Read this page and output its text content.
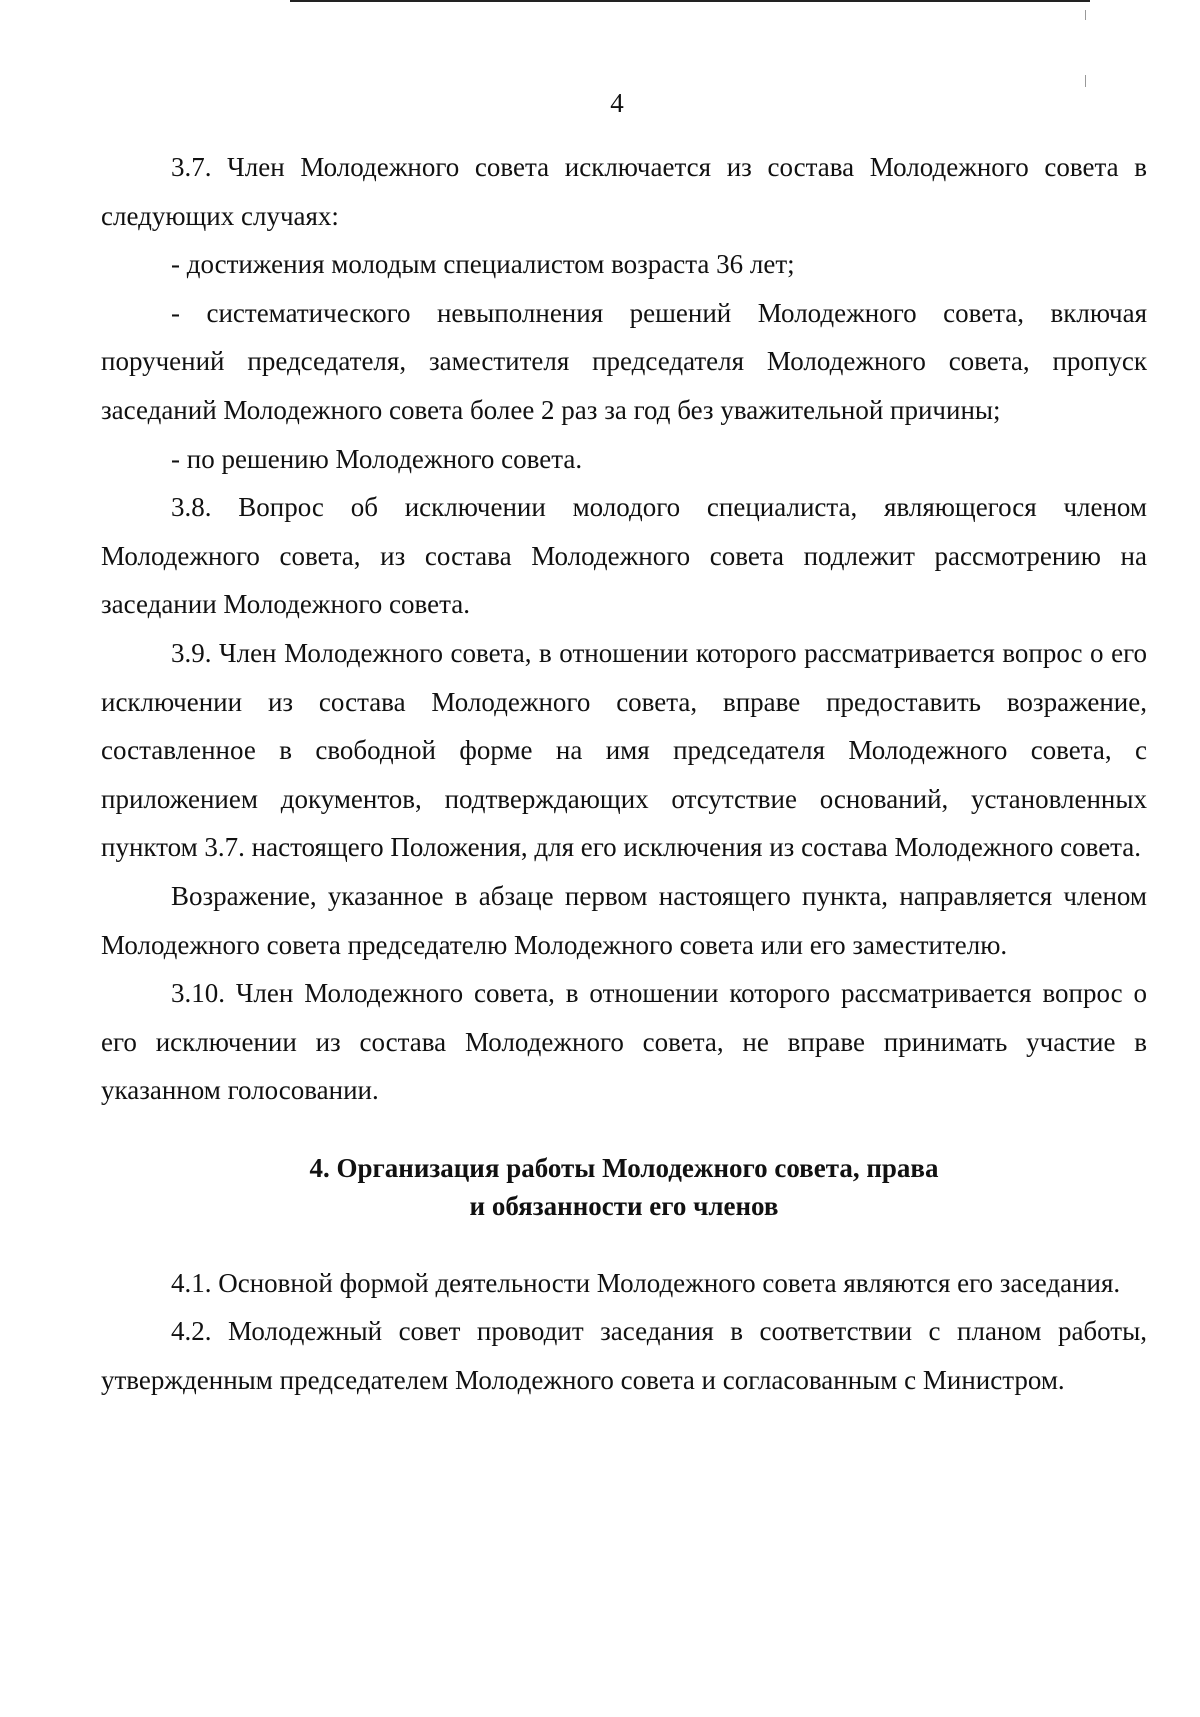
4

3.7. Член Молодежного совета исключается из состава Молодежного совета в следующих случаях:

- достижения молодым специалистом возраста 36 лет;

- систематического невыполнения решений Молодежного совета, включая поручений председателя, заместителя председателя Молодежного совета, пропуск заседаний Молодежного совета более 2 раз за год без уважительной причины;

- по решению Молодежного совета.

3.8. Вопрос об исключении молодого специалиста, являющегося членом Молодежного совета, из состава Молодежного совета подлежит рассмотрению на заседании Молодежного совета.

3.9. Член Молодежного совета, в отношении которого рассматривается вопрос о его исключении из состава Молодежного совета, вправе предоставить возражение, составленное в свободной форме на имя председателя Молодежного совета, с приложением документов, подтверждающих отсутствие оснований, установленных пунктом 3.7. настоящего Положения, для его исключения из состава Молодежного совета.

Возражение, указанное в абзаце первом настоящего пункта, направляется членом Молодежного совета председателю Молодежного совета или его заместителю.

3.10. Член Молодежного совета, в отношении которого рассматривается вопрос о его исключении из состава Молодежного совета, не вправе принимать участие в указанном голосовании.

4. Организация работы Молодежного совета, права
и обязанности его членов

4.1. Основной формой деятельности Молодежного совета являются его заседания.

4.2. Молодежный совет проводит заседания в соответствии с планом работы, утвержденным председателем Молодежного совета и согласованным с Министром.
